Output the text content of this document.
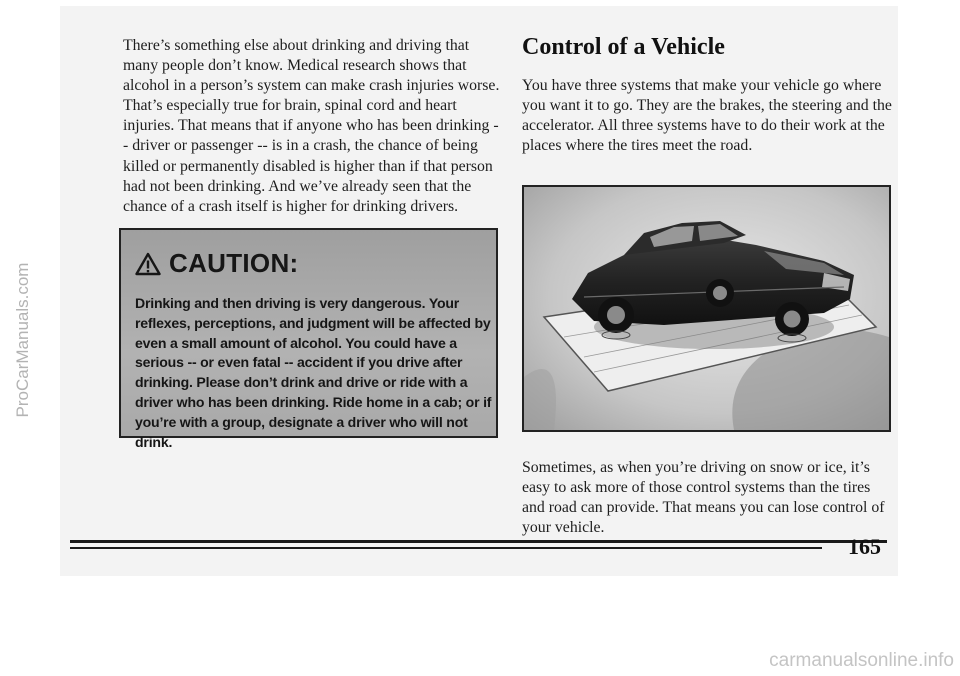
ProCarManuals.com
There’s something else about drinking and driving that many people don’t know. Medical research shows that alcohol in a person’s system can make crash injuries worse. That’s especially true for brain, spinal cord and heart injuries. That means that if anyone who has been drinking -- driver or passenger -- is in a crash, the chance of being killed or permanently disabled is higher than if that person had not been drinking. And we’ve already seen that the chance of a crash itself is higher for drinking drivers.
CAUTION:
Drinking and then driving is very dangerous. Your reflexes, perceptions, and judgment will be affected by even a small amount of alcohol. You could have a serious -- or even fatal -- accident if you drive after drinking. Please don’t drink and drive or ride with a driver who has been drinking. Ride home in a cab; or if you’re with a group, designate a driver who will not drink.
Control of a Vehicle
You have three systems that make your vehicle go where you want it to go. They are the brakes, the steering and the accelerator. All three systems have to do their work at the places where the tires meet the road.
Sometimes, as when you’re driving on snow or ice, it’s easy to ask more of those control systems than the tires and road can provide. That means you can lose control of your vehicle.
165
carmanualsonline.info
